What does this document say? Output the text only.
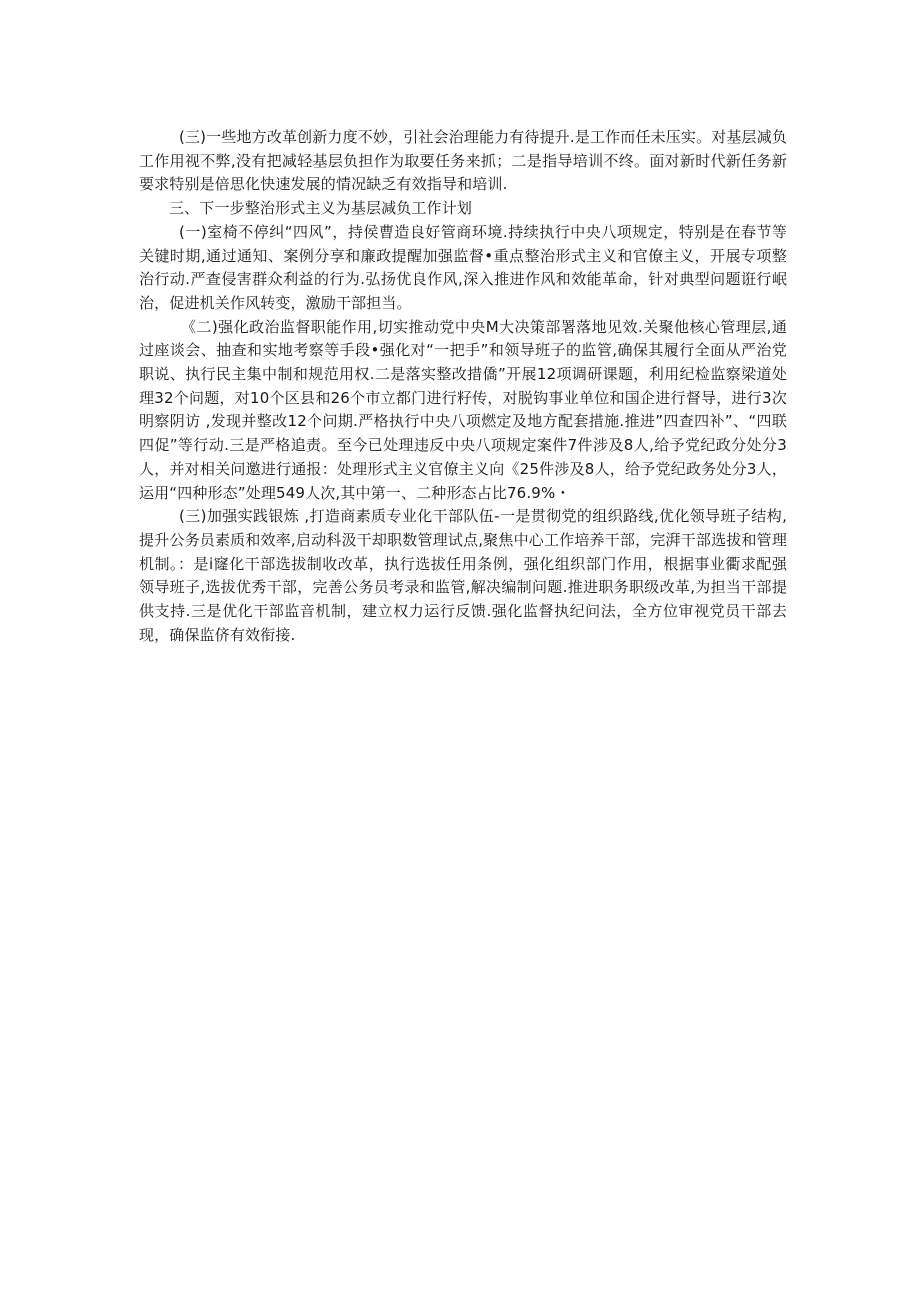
(三)一些地方改革创新力度不妙，引社会治理能力有待提升.是工作而任未压实。对基层减负工作用视不弊,没有把减轻基层负担作为取要任务来抓；二是指导培训不终。面对新时代新任务新要求特别是倍思化快速发展的情况缺乏有效指导和培训.

三、下一步整治形式主义为基层减负工作计划

(一)室椅不停纠“四风”，持侯曹造良好管商环境.持续执行中央八项规定，特别是在春节等关键时期,通过通知、案例分享和廉政提醒加强监督•重点整治形式主义和官僚主义，开展专项整治行动.严查侵害群众利益的行为.弘扬优良作风,深入推进作风和效能革命，针对典型问题诳行岷治，促进机关作风转变，激励干部担当。

《二)强化政治监督职能作用,切实推动党中央M大决策部署落地见效.关聚他核心管理层,通过座谈会、抽查和实地考察等手段•强化对“一把手”和领导班子的监管,确保其履行全面从严治党职说、执行民主集中制和规范用权.二是落实整改措僑”开展12项调研课题，利用纪检监察梁道处理32个问题，对10个区县和26个市立都门进行籽传，对脱钩事业单位和国企进行督导，进行3次明察阴访 ,发现并整改12个问期.严格执行中央八项燃定及地方配套措施.推进”四查四补”、“四联四促”等行动.三是严格追责。至今已处理违反中央八项规定案件7件涉及8人,给予党纪政分处分3人，并对相关问邀进行通报：处理形式主义官僚主义向《25件涉及8人，给予党纪政务处分3人，运用“四种形态”处理549人次,其中第一、二种形态占比76.9%・

(三)加强实践银炼 ,打造商素质专业化干部队伍-一是贯彻党的组织路线,优化领导班子结构,提升公务员素质和效率,启动科汲干却职数管理试点,聚焦中心工作培养干部，完湃干部选拔和管理机制。：是i窿化干部选拔制收改革，执行选拔任用条例，强化组织部门作用，根据事业衢求配强领导班子,选拔优秀干部，完善公务员考录和监管,解决编制问题.推进职务职级改革,为担当干部提供支持.三是优化干部监音机制，建立权力运行反馈.强化监督执纪问法，全方位审视党员干部去现，确保监侪有效衔接.
